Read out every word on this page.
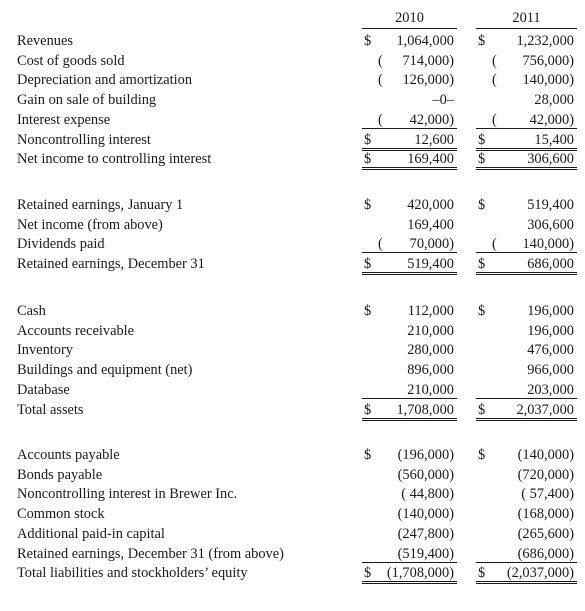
2010	2011
Revenues	$ 1,064,000 $ 1,232,000
Cost of goods sold	( 714,000)	( 756,000)
Depreciation and amortization	( 126,000)	( 140,000)
Gain on sale of building	–0–	28,000
Interest expense	( 42,000)	( 42,000)
Noncontrolling interest	$	12,600 $	15,400
Net income to controlling interest	$	169,400 $	306,600
Retained earnings, January 1	$	420,000 $	519,400
Net income (from above)	169,400	306,600
Dividends paid	( 70,000)	( 140,000)
Retained earnings, December 31	$	519,400 $	686,000
Cash	$	112,000 $	196,000
Accounts receivable	210,000	196,000
Inventory	280,000	476,000
Buildings and equipment (net)	896,000	966,000
Database	210,000	203,000
Total assets	$ 1,708,000 $ 2,037,000
Accounts payable	$ (196,000) $ (140,000)
Bonds payable	(560,000)	(720,000)
Noncontrolling interest in Brewer Inc.	( 44,800)	( 57,400)
Common stock	(140,000)	(168,000)
Additional paid-in capital	(247,800)	(265,600)
Retained earnings, December 31 (from above)	(519,400)	(686,000)
Total liabilities and stockholders’ equity	$ (1,708,000) $ (2,037,000)
